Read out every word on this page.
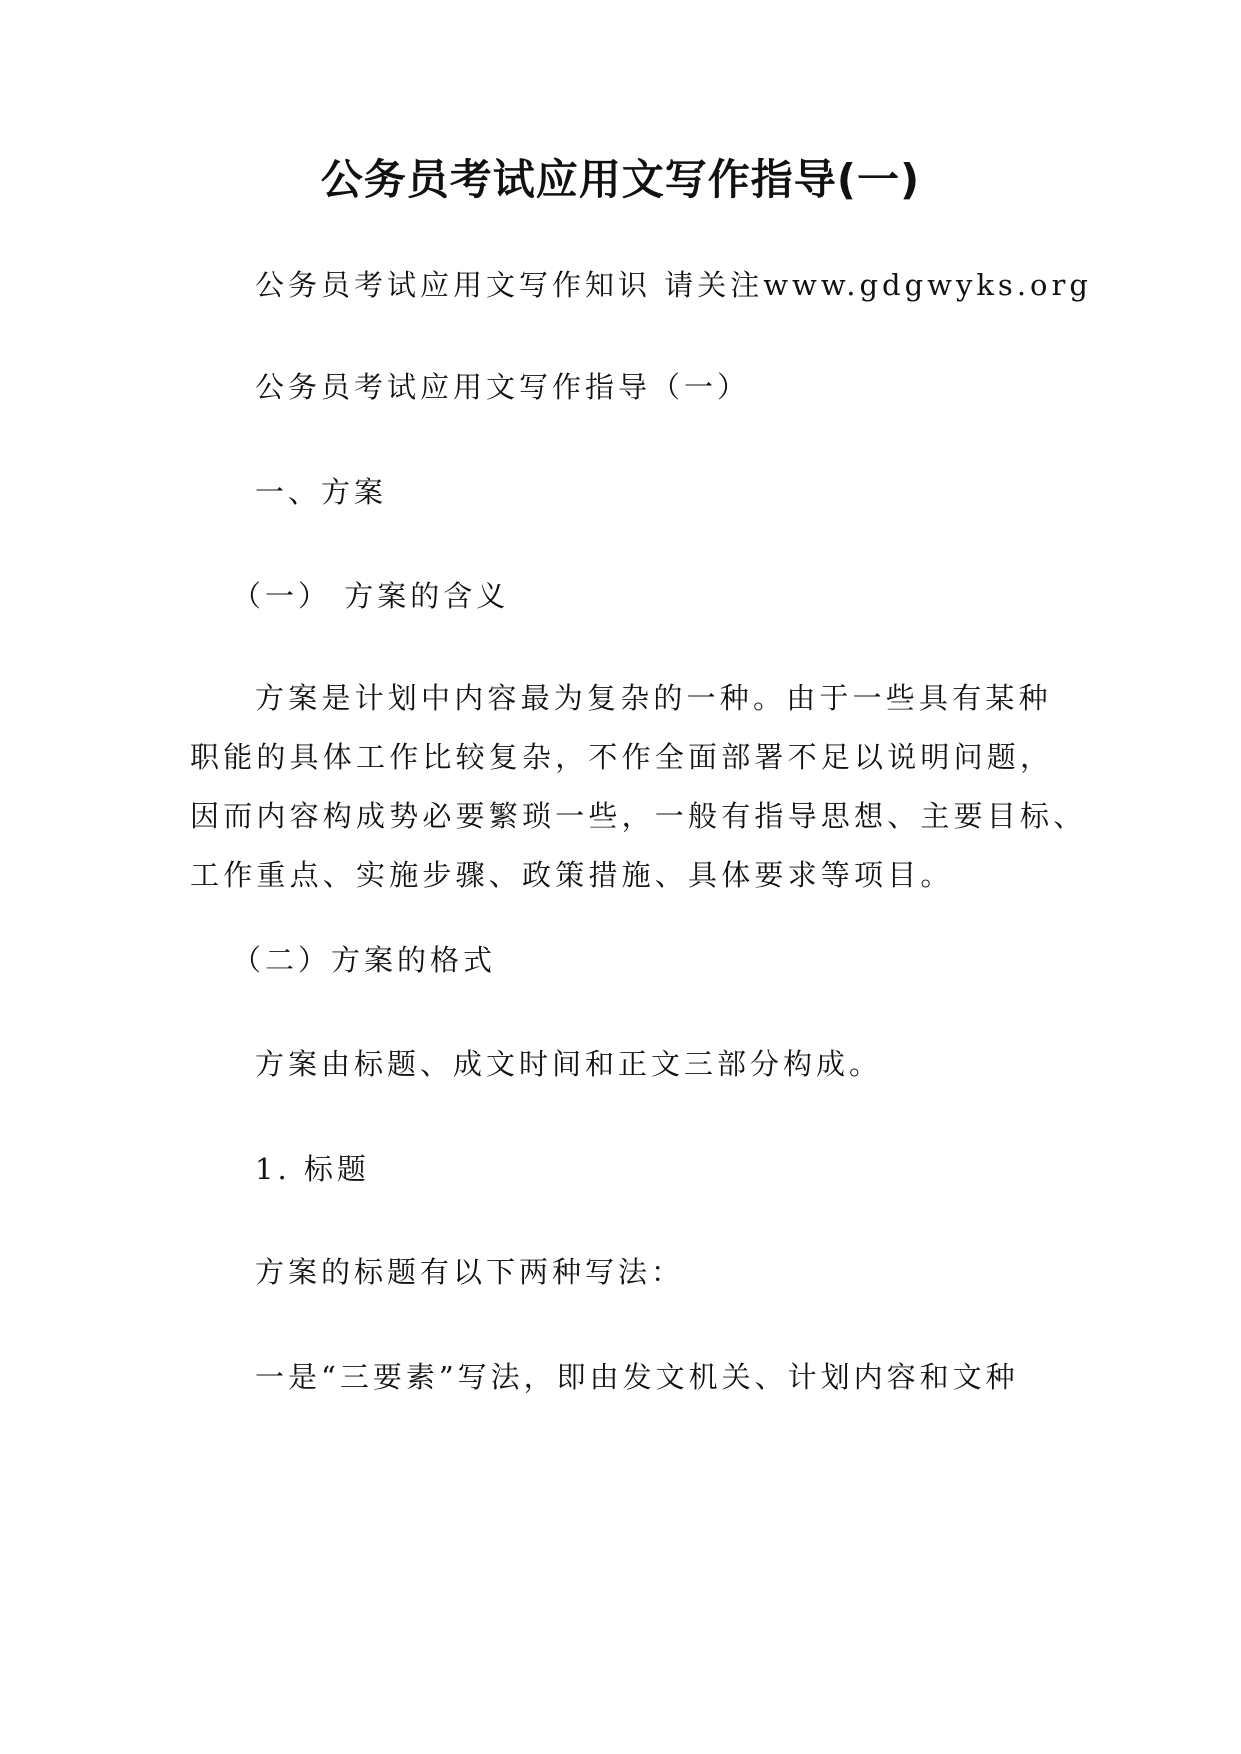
公务员考试应用文写作指导(一)
公务员考试应用文写作知识 请关注www.gdgwyks.org
公务员考试应用文写作指导（一）
一、方案
（一） 方案的含义
方案是计划中内容最为复杂的一种。由于一些具有某种
职能的具体工作比较复杂，不作全面部署不足以说明问题，
因而内容构成势必要繁琐一些，一般有指导思想、主要目标、
工作重点、实施步骤、政策措施、具体要求等项目。
（二）方案的格式
方案由标题、成文时间和正文三部分构成。
1. 标题
方案的标题有以下两种写法：
一是“三要素”写法，即由发文机关、计划内容和文种
